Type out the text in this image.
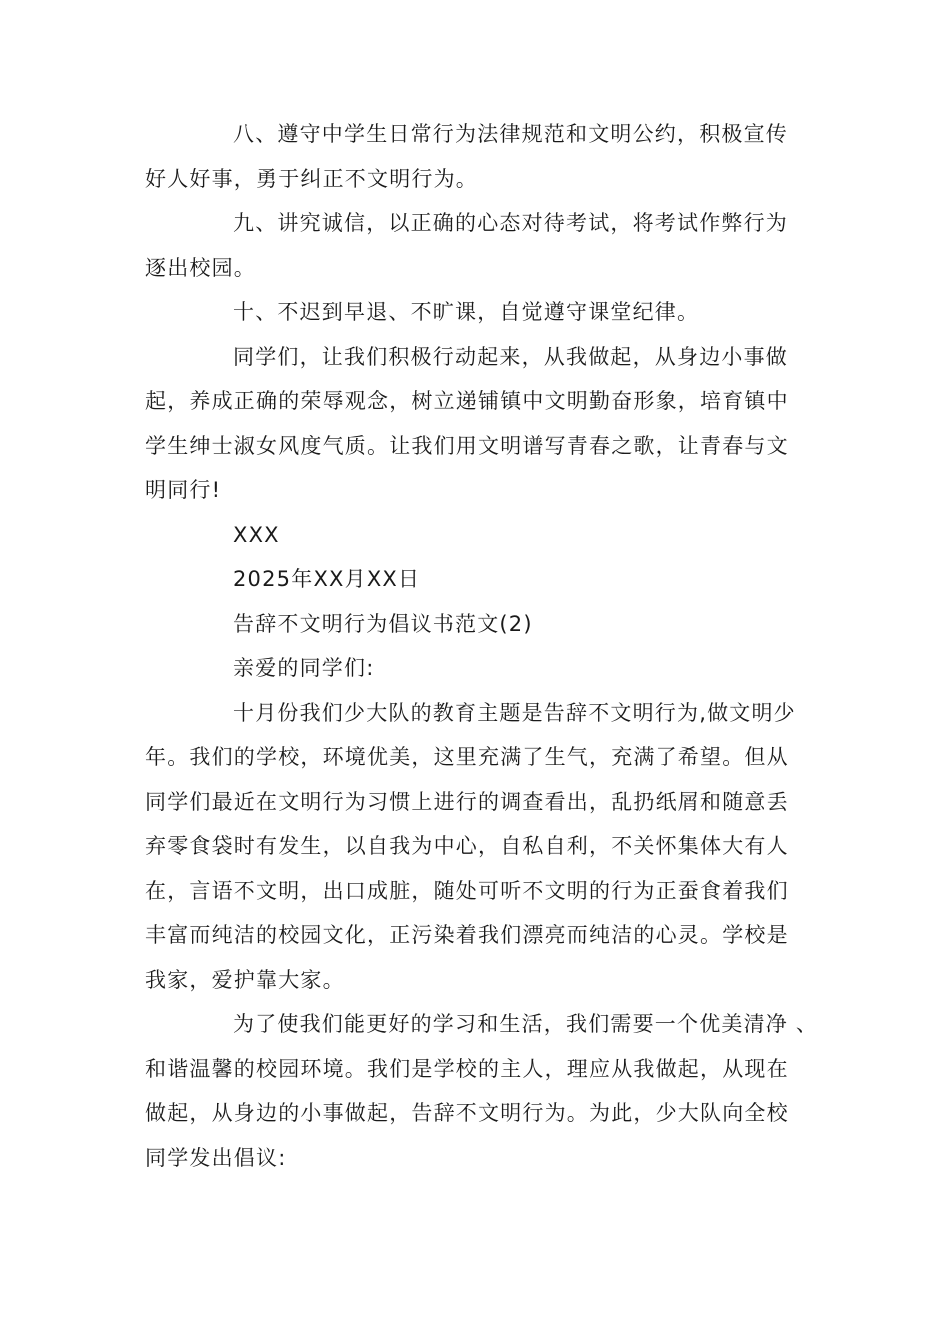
八、遵守中学生日常行为法律规范和文明公约，积极宣传
好人好事，勇于纠正不文明行为。
九、讲究诚信，以正确的心态对待考试，将考试作弊行为
逐出校园。
十、不迟到早退、不旷课，自觉遵守课堂纪律。
同学们，让我们积极行动起来，从我做起，从身边小事做
起，养成正确的荣辱观念，树立递铺镇中文明勤奋形象，培育镇中
学生绅士淑女风度气质。让我们用文明谱写青春之歌，让青春与文
明同行!
XXX
2025年XX月XX日
告辞不文明行为倡议书范文(2)
亲爱的同学们:
十月份我们少大队的教育主题是告辞不文明行为,做文明少
年。我们的学校，环境优美，这里充满了生气，充满了希望。但从
同学们最近在文明行为习惯上进行的调查看出，乱扔纸屑和随意丢
弃零食袋时有发生，以自我为中心，自私自利，不关怀集体大有人
在，言语不文明，出口成脏，随处可听不文明的行为正蚕食着我们
丰富而纯洁的校园文化，正污染着我们漂亮而纯洁的心灵。学校是
我家，爱护靠大家。
为了使我们能更好的学习和生活，我们需要一个优美清净 、
和谐温馨的校园环境。我们是学校的主人，理应从我做起，从现在
做起，从身边的小事做起，告辞不文明行为。为此，少大队向全校
同学发出倡议:
